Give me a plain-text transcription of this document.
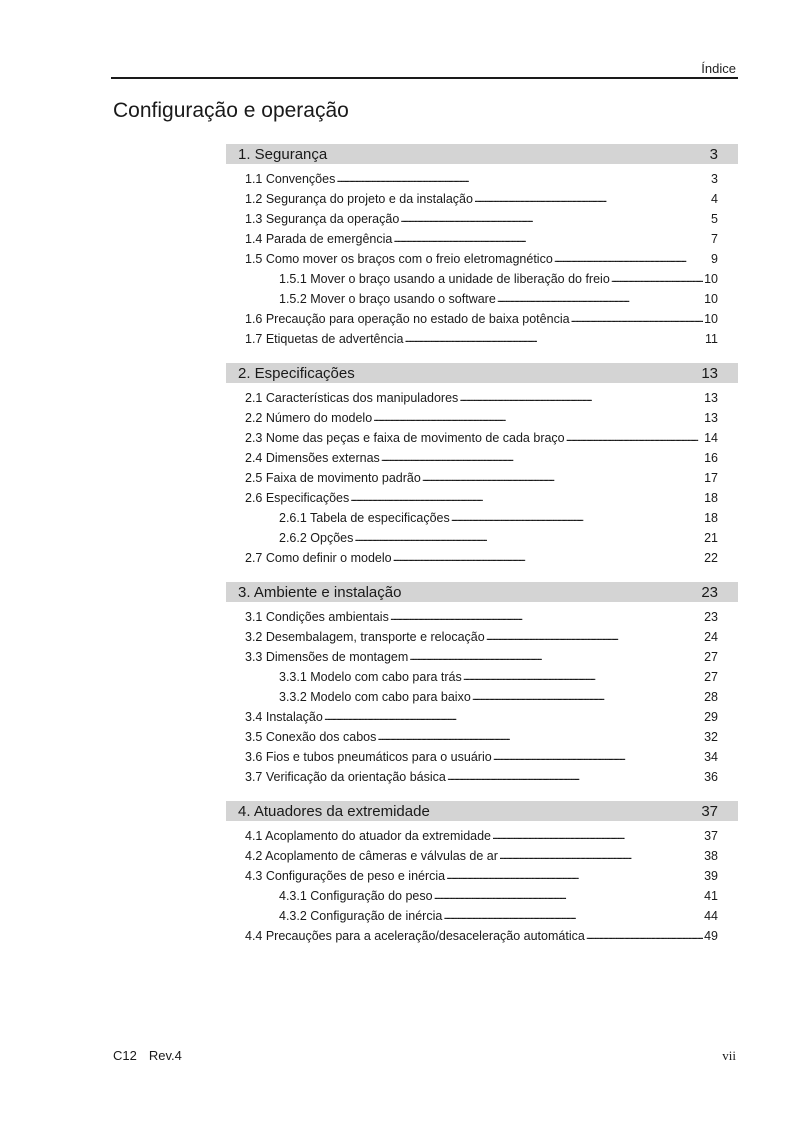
Índice
Configuração e operação
1. Segurança	3
1.1 Convenções . . .	3
1.2 Segurança do projeto e da instalação . . .	4
1.3 Segurança da operação . . .	5
1.4 Parada de emergência . . .	7
1.5 Como mover os braços com o freio eletromagnético . . .	9
1.5.1 Mover o braço usando a unidade de liberação do freio . . .	10
1.5.2 Mover o braço usando o software . . .	10
1.6 Precaução para operação no estado de baixa potência . . .	10
1.7 Etiquetas de advertência . . .	11
2. Especificações	13
2.1 Características dos manipuladores . . .	13
2.2 Número do modelo . . .	13
2.3 Nome das peças e faixa de movimento de cada braço . . .	14
2.4 Dimensões externas . . .	16
2.5 Faixa de movimento padrão . . .	17
2.6 Especificações . . .	18
2.6.1 Tabela de especificações . . .	18
2.6.2 Opções . . .	21
2.7 Como definir o modelo . . .	22
3. Ambiente e instalação	23
3.1 Condições ambientais . . .	23
3.2 Desembalagem, transporte e relocação . . .	24
3.3 Dimensões de montagem . . .	27
3.3.1 Modelo com cabo para trás . . .	27
3.3.2 Modelo com cabo para baixo . . .	28
3.4 Instalação . . .	29
3.5 Conexão dos cabos . . .	32
3.6 Fios e tubos pneumáticos para o usuário . . .	34
3.7 Verificação da orientação básica . . .	36
4. Atuadores da extremidade	37
4.1 Acoplamento do atuador da extremidade . . .	37
4.2 Acoplamento de câmeras e válvulas de ar . . .	38
4.3 Configurações de peso e inércia . . .	39
4.3.1 Configuração do peso . . .	41
4.3.2 Configuração de inércia . . .	44
4.4 Precauções para a aceleração/desaceleração automática . . .	49
C12 Rev.4	vii
